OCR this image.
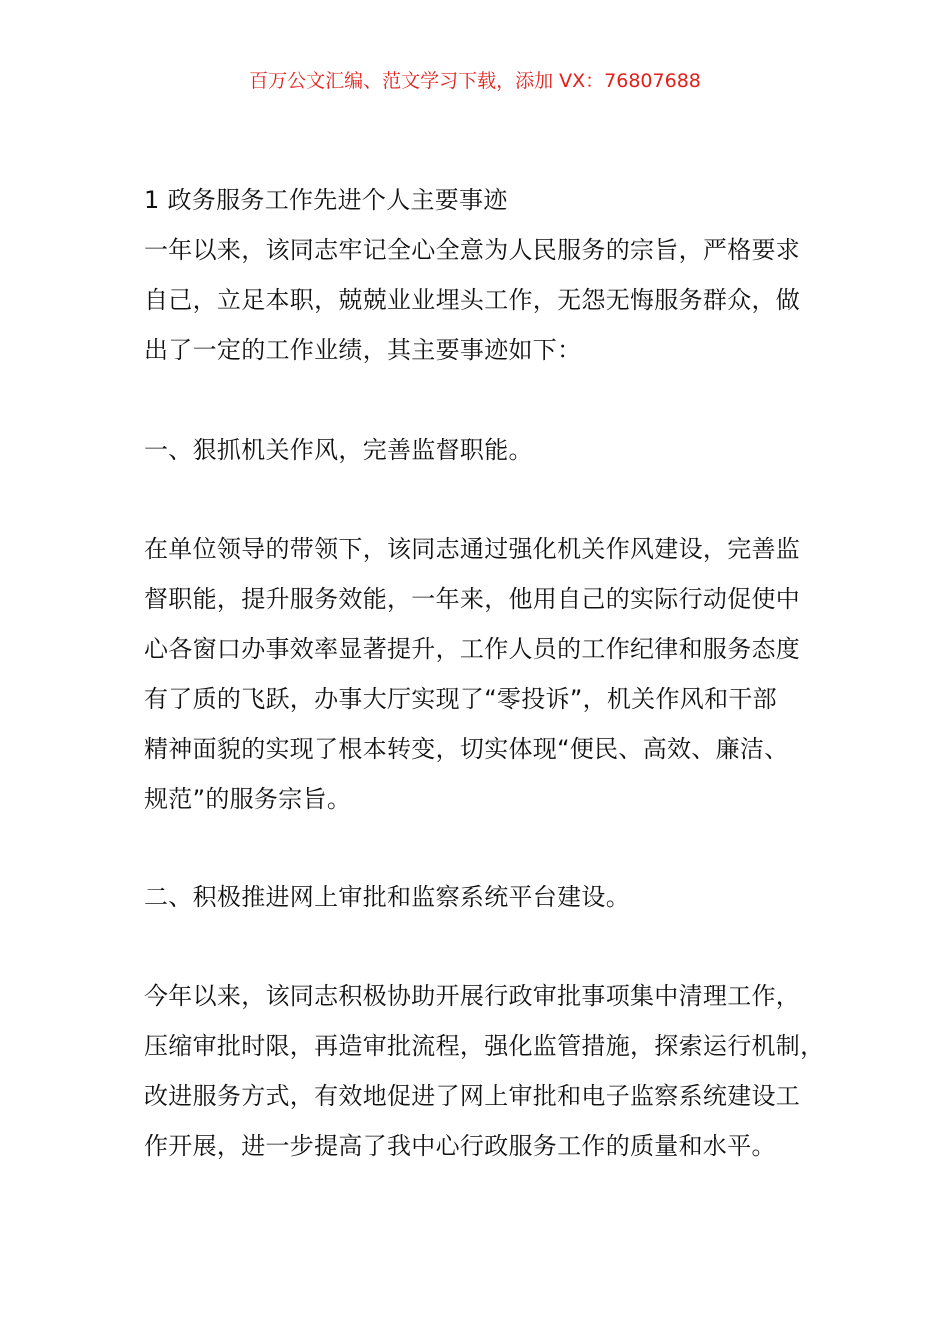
百万公文汇编、范文学习下载，添加 VX：76807688
1 政务服务工作先进个人主要事迹
一年以来，该同志牢记全心全意为人民服务的宗旨，严格要求
自己，立足本职，兢兢业业埋头工作，无怨无悔服务群众，做
出了一定的工作业绩，其主要事迹如下：
一、狠抓机关作风，完善监督职能。
在单位领导的带领下，该同志通过强化机关作风建设，完善监
督职能，提升服务效能，一年来，他用自己的实际行动促使中
心各窗口办事效率显著提升，工作人员的工作纪律和服务态度
有了质的飞跃，办事大厅实现了“零投诉”，机关作风和干部
精神面貌的实现了根本转变，切实体现“便民、高效、廉洁、
规范”的服务宗旨。
二、积极推进网上审批和监察系统平台建设。
今年以来，该同志积极协助开展行政审批事项集中清理工作，
压缩审批时限，再造审批流程，强化监管措施，探索运行机制，
改进服务方式，有效地促进了网上审批和电子监察系统建设工
作开展，进一步提高了我中心行政服务工作的质量和水平。
